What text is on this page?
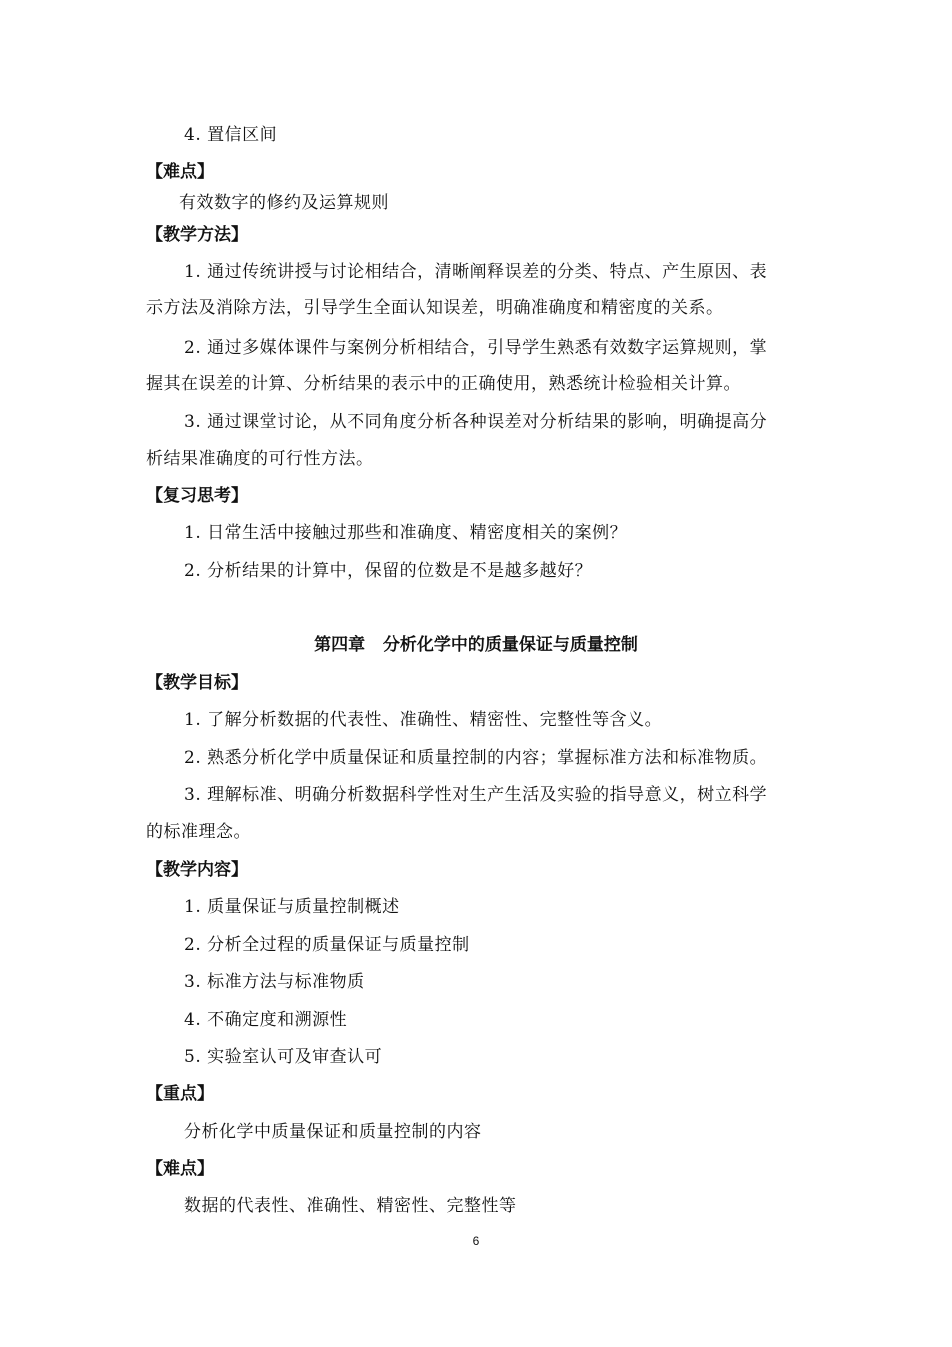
4. 置信区间
【难点】
有效数字的修约及运算规则
【教学方法】
1. 通过传统讲授与讨论相结合，清晰阐释误差的分类、特点、产生原因、表
示方法及消除方法，引导学生全面认知误差，明确准确度和精密度的关系。
2. 通过多媒体课件与案例分析相结合，引导学生熟悉有效数字运算规则，掌
握其在误差的计算、分析结果的表示中的正确使用，熟悉统计检验相关计算。
3. 通过课堂讨论，从不同角度分析各种误差对分析结果的影响，明确提高分
析结果准确度的可行性方法。
【复习思考】
1. 日常生活中接触过那些和准确度、精密度相关的案例？
2. 分析结果的计算中，保留的位数是不是越多越好？
第四章   分析化学中的质量保证与质量控制
【教学目标】
1. 了解分析数据的代表性、准确性、精密性、完整性等含义。
2. 熟悉分析化学中质量保证和质量控制的内容；掌握标准方法和标准物质。
3. 理解标准、明确分析数据科学性对生产生活及实验的指导意义，树立科学
的标准理念。
【教学内容】
1. 质量保证与质量控制概述
2. 分析全过程的质量保证与质量控制
3. 标准方法与标准物质
4. 不确定度和溯源性
5. 实验室认可及审查认可
【重点】
分析化学中质量保证和质量控制的内容
【难点】
数据的代表性、准确性、精密性、完整性等
6
